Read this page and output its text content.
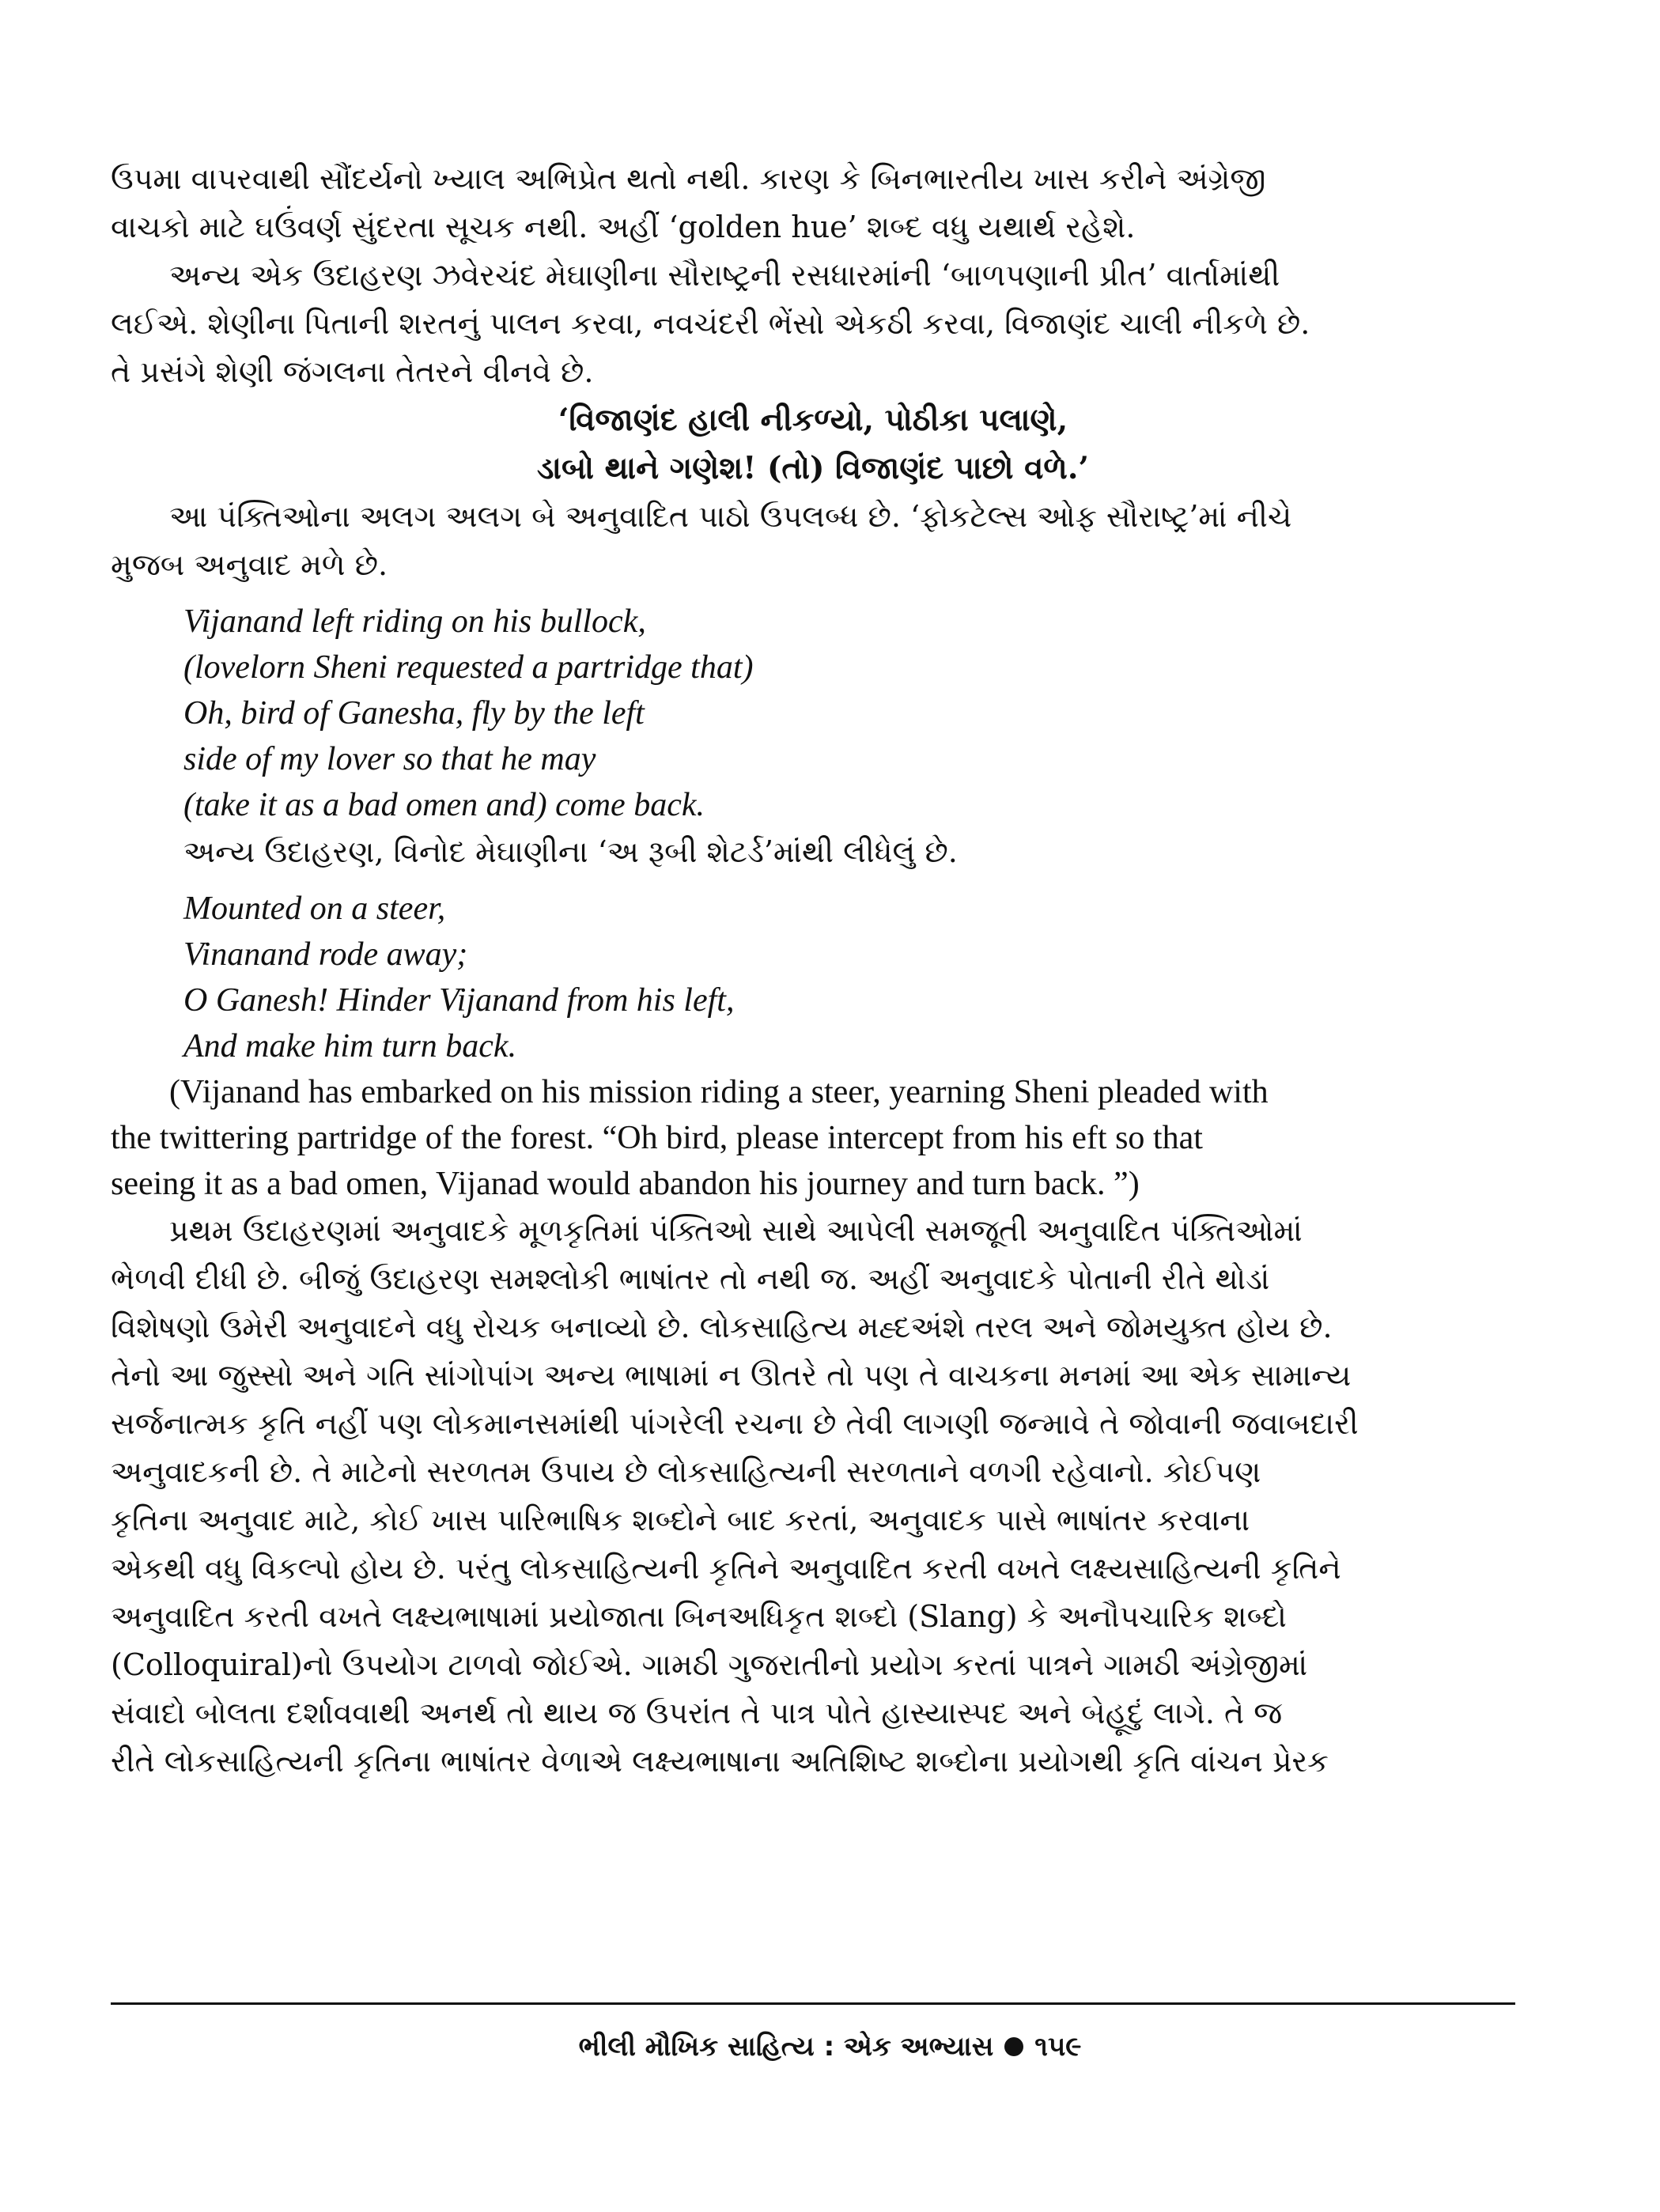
ઉપમા વાપરવાથી સૌંદર્યનો ખ્યાલ અભિપ્રેત થતો નથી. કારણ કે બિનભારતીય ખાસ કરીને અંગ્રેજી

વાચકો માટે ઘઉંવર્ણ સુંદરતા સૂચક નથી. અહીં ‘golden hue’ શબ્દ વધુ યથાર્થ રહેશે.

અન્ય એક ઉદાહરણ ઝવેરચંદ મેઘાણીના સૌરાષ્ટ્રની રસધારમાંની ‘બાળપણાની પ્રીત’ વાર્તામાંથી

લઈએ. શેણીના પિતાની શરતનું પાલન કરવા, નવચંદરી ભેંસો એકઠી કરવા, વિજાણંદ ચાલી નીકળે છે.

તે પ્રસંગે શેણી જંગલના તેતરને વીનવે છે.

‘વિજાણંદ હાલી નીકળ્યો, પોઠીકા પલાણે,

ડાબો થાને ગણેશ! (તો) વિજાણંદ પાછો વળે.’

આ પંક્તિઓના અલગ અલગ બે અનુવાદિત પાઠો ઉપલબ્ધ છે. ‘ફોકટેલ્સ ઓફ સૌરાષ્ટ્ર’માં નીચે

મુજબ અનુવાદ મળે છે.

Vijanand left riding on his bullock,

(lovelorn Sheni requested a partridge that)

Oh, bird of Ganesha, fly by the left

side of my lover so that he may

(take it as a bad omen and) come back.

અન્ય ઉદાહરણ, વિનોદ મેઘાણીના ‘અ રૂબી શેટર્ડ’માંથી લીધેલું છે.

Mounted on a steer,

Vinanand rode away;

O Ganesh! Hinder Vijanand from his left,

And make him turn back.

(Vijanand has embarked on his mission riding a steer, yearning Sheni pleaded with

the twittering partridge of the forest. “Oh bird, please intercept from his eft so that

seeing it as a bad omen, Vijanad would abandon his journey and turn back. ”)

પ્રથમ ઉદાહરણમાં અનુવાદકે મૂળકૃતિમાં પંક્તિઓ સાથે આપેલી સમજૂતી અનુવાદિત પંક્તિઓમાં

ભેળવી દીધી છે. બીજું ઉદાહરણ સમશ્લોકી ભાષાંતર તો નથી જ. અહીં અનુવાદકે પોતાની રીતે થોડાં

વિશેષણો ઉમેરી અનુવાદને વધુ રોચક બનાવ્યો છે. લોકસાહિત્ય મહ્દઅંશે તરલ અને જોમયુક્ત હોય છે.

તેનો આ જુસ્સો અને ગતિ સાંગોપાંગ અન્ય ભાષામાં ન ઊતરે તો પણ તે વાચકના મનમાં આ એક સામાન્ય

સર્જનાત્મક કૃતિ નહીં પણ લોકમાનસમાંથી પાંગરેલી રચના છે તેવી લાગણી જન્માવે તે જોવાની જવાબદારી

અનુવાદકની છે. તે માટેનો સરળતમ ઉપાય છે લોકસાહિત્યની સરળતાને વળગી રહેવાનો. કોઈપણ

કૃતિના અનુવાદ માટે, કોઈ ખાસ પારિભાષિક શબ્દોને બાદ કરતાં, અનુવાદક પાસે ભાષાંતર કરવાના

એકથી વધુ વિકલ્પો હોય છે. પરંતુ લોકસાહિત્યની કૃતિને અનુવાદિત કરતી વખતે લક્ષ્યસાહિત્યની કૃતિને

અનુવાદિત કરતી વખતે લક્ષ્યભાષામાં પ્રયોજાતા બિનઅધિકૃત શબ્દો (Slang) કે અનૌપચારિક શબ્દો

(Colloquiral)નો ઉપયોગ ટાળવો જોઈએ. ગામઠી ગુજરાતીનો પ્રયોગ કરતાં પાત્રને ગામઠી અંગ્રેજીમાં

સંવાદો બોલતા દર્શાવવાથી અનર્થ તો થાય જ ઉપરાંત તે પાત્ર પોતે હાસ્યાસ્પદ અને બેહૂદું લાગે. તે જ

રીતે લોકસાહિત્યની કૃતિના ભાષાંતર વેળાએ લક્ષ્યભાષાના અતિશિષ્ટ શબ્દોના પ્રયોગથી કૃતિ વાંચન પ્રેરક

ભીલી મૌખિક સાહિત્ય : એક અભ્યાસ ૧૫૯
